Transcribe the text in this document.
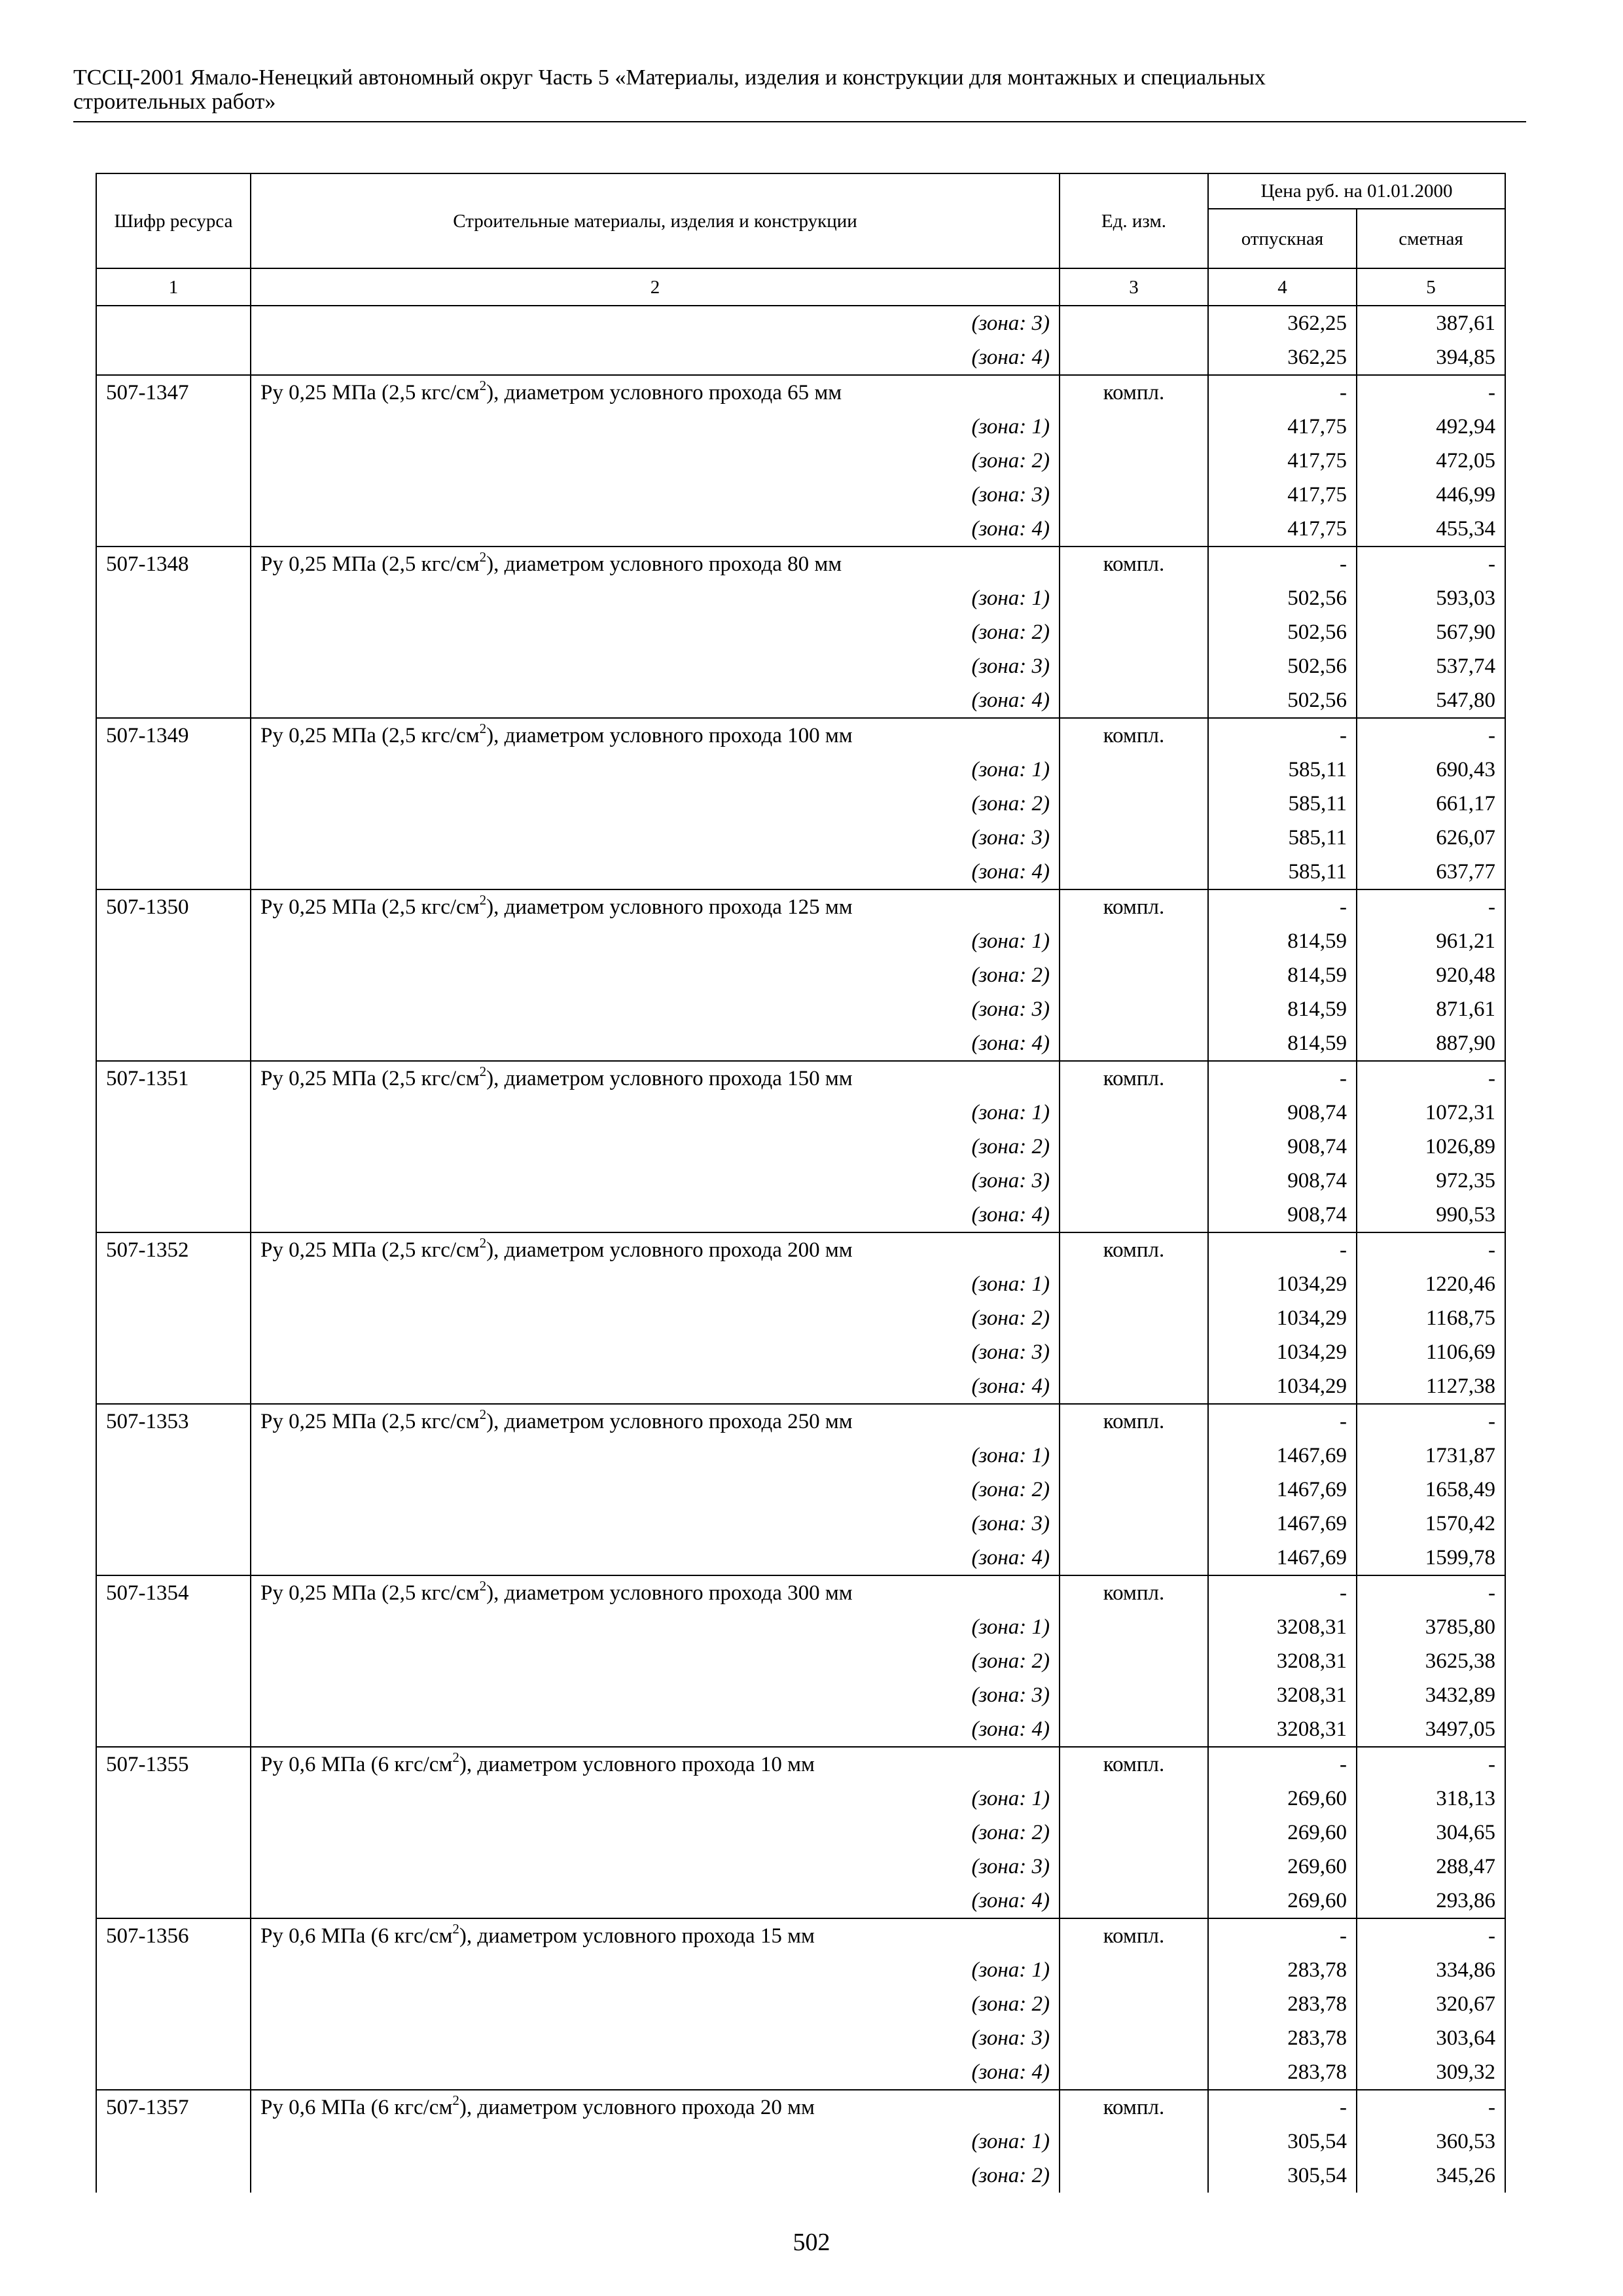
ТССЦ-2001 Ямало-Ненецкий автономный округ Часть 5 «Материалы, изделия и конструкции для монтажных и специальных
строительных работ»
Шифр ресурса	Строительные материалы, изделия и конструкции	Ед. изм.	Цена руб. на 01.01.2000	
			отпускная	сметная
1	2	3	4	5
	(зона: 3)		362,25	387,61
	(зона: 4)		362,25	394,85
507-1347	Ру 0,25 МПа (2,5 кгс/$см^2$), диаметром условного прохода 65 мм	компл.	-	-
	(зона: 1)		417,75	492,94
	(зона: 2)		417,75	472,05
	(зона: 3)		417,75	446,99
	(зона: 4)		417,75	455,34
507-1348	Ру 0,25 МПа (2,5 кгс/$см^2$), диаметром условного прохода 80 мм	компл.	-	-
	(зона: 1)		502,56	593,03
	(зона: 2)		502,56	567,90
	(зона: 3)		502,56	537,74
	(зона: 4)		502,56	547,80
507-1349	Ру 0,25 МПа (2,5 кгс/$см^2$), диаметром условного прохода 100 мм	компл.	-	-
	(зона: 1)		585,11	690,43
	(зона: 2)		585,11	661,17
	(зона: 3)		585,11	626,07
	(зона: 4)		585,11	637,77
507-1350	Ру 0,25 МПа (2,5 кгс/$см^2$), диаметром условного прохода 125 мм	компл.	-	-
	(зона: 1)		814,59	961,21
	(зона: 2)		814,59	920,48
	(зона: 3)		814,59	871,61
	(зона: 4)		814,59	887,90
507-1351	Ру 0,25 МПа (2,5 кгс/$см^2$), диаметром условного прохода 150 мм	компл.	-	-
	(зона: 1)		908,74	1072,31
	(зона: 2)		908,74	1026,89
	(зона: 3)		908,74	972,35
	(зона: 4)		908,74	990,53
507-1352	Ру 0,25 МПа (2,5 кгс/$см^2$), диаметром условного прохода 200 мм	компл.	-	-
	(зона: 1)		1034,29	1220,46
	(зона: 2)		1034,29	1168,75
	(зона: 3)		1034,29	1106,69
	(зона: 4)		1034,29	1127,38
507-1353	Ру 0,25 МПа (2,5 кгс/$см^2$), диаметром условного прохода 250 мм	компл.	-	-
	(зона: 1)		1467,69	1731,87
	(зона: 2)		1467,69	1658,49
	(зона: 3)		1467,69	1570,42
	(зона: 4)		1467,69	1599,78
507-1354	Ру 0,25 МПа (2,5 кгс/$см^2$), диаметром условного прохода 300 мм	компл.	-	-
	(зона: 1)		3208,31	3785,80
	(зона: 2)		3208,31	3625,38
	(зона: 3)		3208,31	3432,89
	(зона: 4)		3208,31	3497,05
507-1355	Ру 0,6 МПа (6 кгс/$см^2$), диаметром условного прохода 10 мм	компл.	-	-
	(зона: 1)		269,60	318,13
	(зона: 2)		269,60	304,65
	(зона: 3)		269,60	288,47
	(зона: 4)		269,60	293,86
507-1356	Ру 0,6 МПа (6 кгс/$см^2$), диаметром условного прохода 15 мм	компл.	-	-
	(зона: 1)		283,78	334,86
	(зона: 2)		283,78	320,67
	(зона: 3)		283,78	303,64
	(зона: 4)		283,78	309,32
507-1357	Ру 0,6 МПа (6 кгс/$см^2$), диаметром условного прохода 20 мм	компл.	-	-
	(зона: 1)		305,54	360,53
	(зона: 2)		305,54	345,26
502
